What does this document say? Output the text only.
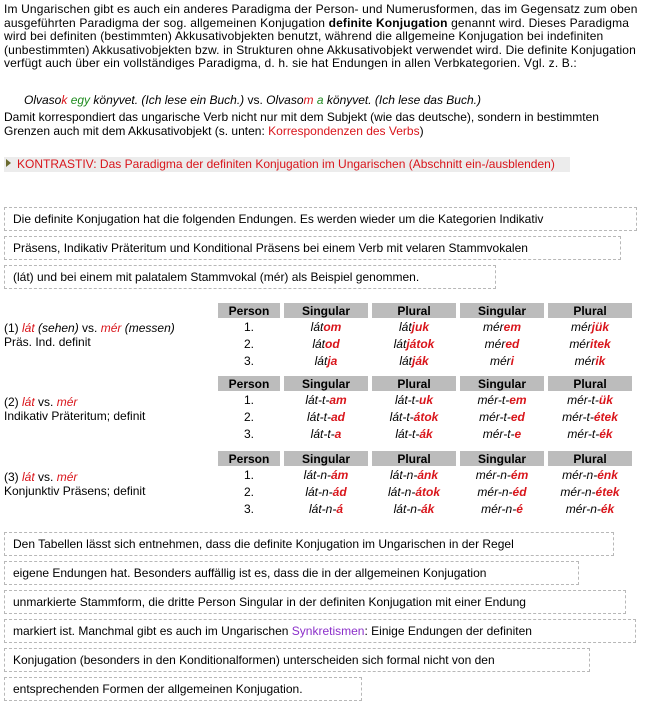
Im Ungarischen gibt es auch ein anderes Paradigma der Person- und Numerusformen, das im Gegensatz zum oben ausgeführten Paradigma der sog. allgemeinen Konjugation definite Konjugation genannt wird. Dieses Paradigma wird bei definiten (bestimmten) Akkusativobjekten benutzt, während die allgemeine Konjugation bei indefiniten (unbestimmten) Akkusativobjekten bzw. in Strukturen ohne Akkusativobjekt verwendet wird. Die definite Konjugation verfügt auch über ein vollständiges Paradigma, d. h. sie hat Endungen in allen Verbkategorien. Vgl. z. B.:
Olvasok egy könyvet. (Ich lese ein Buch.) vs. Olvasom a könyvet. (Ich lese das Buch.)
Damit korrespondiert das ungarische Verb nicht nur mit dem Subjekt (wie das deutsche), sondern in bestimmten Grenzen auch mit dem Akkusativobjekt (s. unten: Korrespondenzen des Verbs)
KONTRASTIV: Das Paradigma der definiten Konjugation im Ungarischen (Abschnitt ein-/ausblenden)
Die definite Konjugation hat die folgenden Endungen. Es werden wieder um die Kategorien Indikativ
Präsens, Indikativ Präteritum und Konditional Präsens bei einem Verb mit velaren Stammvokalen
(lát) und bei einem mit palatalem Stammvokal (mér) als Beispiel genommen.
(1) lát (sehen) vs. mér (messen)
Präs. Ind. definit
Person	Singular	Plural	Singular	Plural
1.	látom	látjuk	mérem	mérjük
2.	látod	látjátok	méred	méritek
3.	látja	látják	méri	mérik
(2) lát vs. mér
Indikativ Präteritum; definit
Person	Singular	Plural	Singular	Plural
1.	lát-t-am	lát-t-uk	mér-t-em	mér-t-ük
2.	lát-t-ad	lát-t-átok	mér-t-ed	mér-t-étek
3.	lát-t-a	lát-t-ák	mér-t-e	mér-t-ék
(3) lát vs. mér
Konjunktiv Präsens; definit
Person	Singular	Plural	Singular	Plural
1.	lát-n-ám	lát-n-ánk	mér-n-ém	mér-n-énk
2.	lát-n-ád	lát-n-átok	mér-n-éd	mér-n-étek
3.	lát-n-á	lát-n-ák	mér-n-é	mér-n-ék
Den Tabellen lässt sich entnehmen, dass die definite Konjugation im Ungarischen in der Regel
eigene Endungen hat. Besonders auffällig ist es, dass die in der allgemeinen Konjugation
unmarkierte Stammform, die dritte Person Singular in der definiten Konjugation mit einer Endung
markiert ist. Manchmal gibt es auch im Ungarischen Synkretismen: Einige Endungen der definiten
Konjugation (besonders in den Konditionalformen) unterscheiden sich formal nicht von den
entsprechenden Formen der allgemeinen Konjugation.
